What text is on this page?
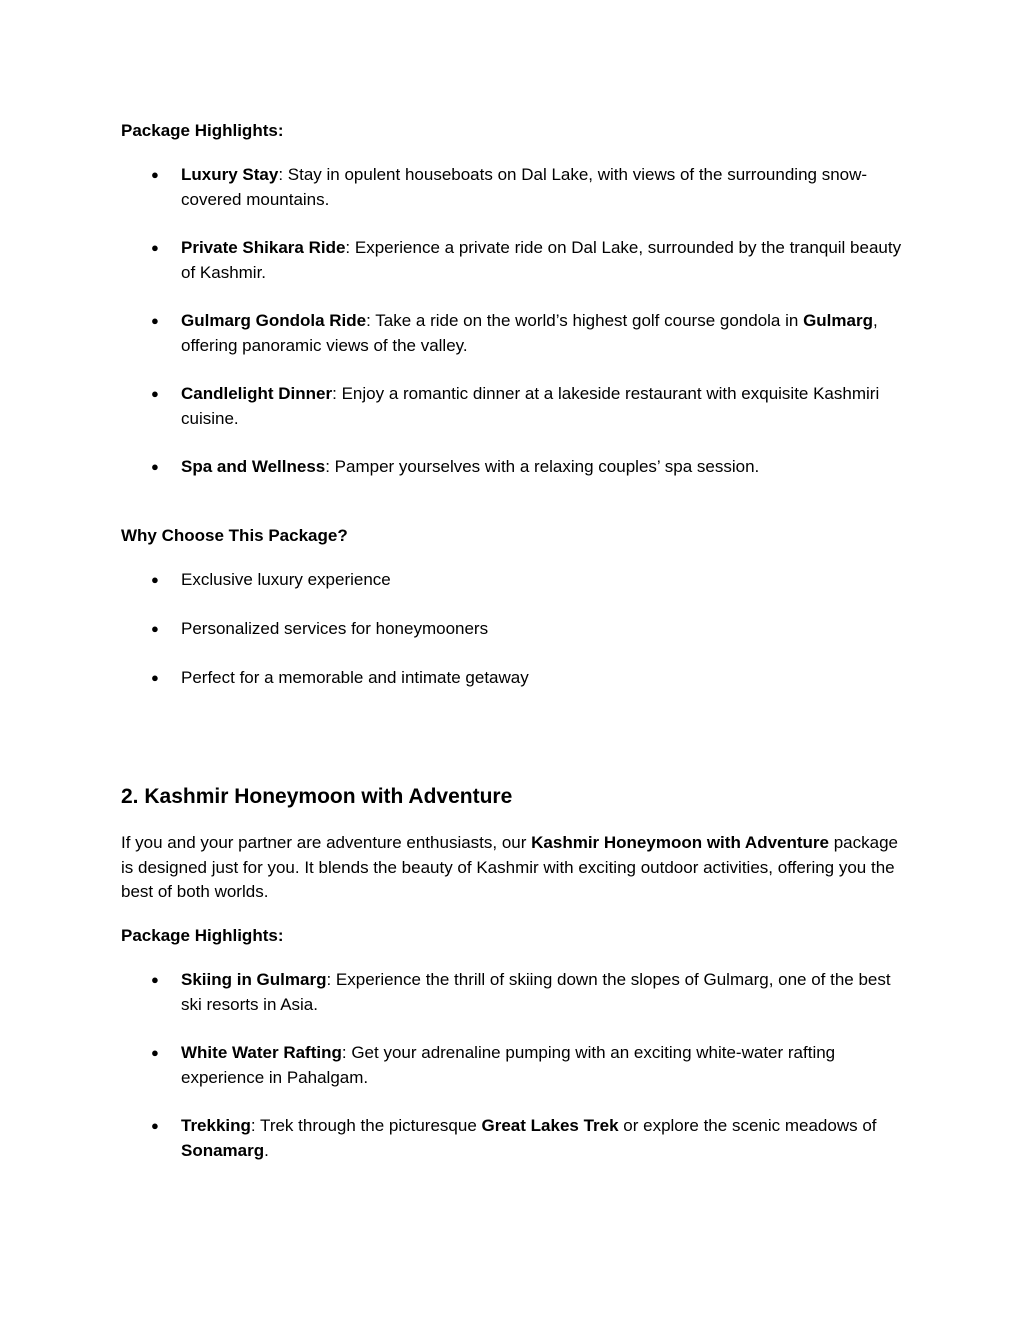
Package Highlights:
● Luxury Stay: Stay in opulent houseboats on Dal Lake, with views of the surrounding snow-covered mountains.
● Private Shikara Ride: Experience a private ride on Dal Lake, surrounded by the tranquil beauty of Kashmir.
● Gulmarg Gondola Ride: Take a ride on the world’s highest golf course gondola in Gulmarg, offering panoramic views of the valley.
● Candlelight Dinner: Enjoy a romantic dinner at a lakeside restaurant with exquisite Kashmiri cuisine.
● Spa and Wellness: Pamper yourselves with a relaxing couples’ spa session.
Why Choose This Package?
● Exclusive luxury experience
● Personalized services for honeymooners
● Perfect for a memorable and intimate getaway
2. Kashmir Honeymoon with Adventure
If you and your partner are adventure enthusiasts, our Kashmir Honeymoon with Adventure package is designed just for you. It blends the beauty of Kashmir with exciting outdoor activities, offering you the best of both worlds.
Package Highlights:
● Skiing in Gulmarg: Experience the thrill of skiing down the slopes of Gulmarg, one of the best ski resorts in Asia.
● White Water Rafting: Get your adrenaline pumping with an exciting white-water rafting experience in Pahalgam.
● Trekking: Trek through the picturesque Great Lakes Trek or explore the scenic meadows of Sonamarg.
